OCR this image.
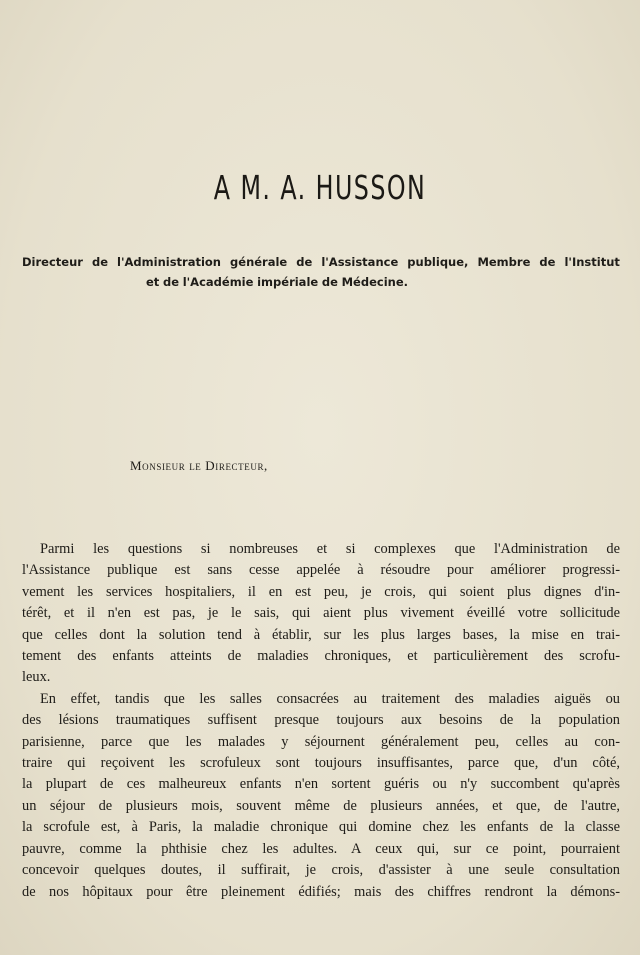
A M. A. HUSSON
Directeur de l'Administration générale de l'Assistance publique, Membre de l'Institut
et de l'Académie impériale de Médecine.
Monsieur le Directeur,
Parmi les questions si nombreuses et si complexes que l'Administration de
l'Assistance publique est sans cesse appelée à résoudre pour améliorer progressi-
vement les services hospitaliers, il en est peu, je crois, qui soient plus dignes d'in-
térêt, et il n'en est pas, je le sais, qui aient plus vivement éveillé votre sollicitude
que celles dont la solution tend à établir, sur les plus larges bases, la mise en trai-
tement des enfants atteints de maladies chroniques, et particulièrement des scrofu-
leux.
En effet, tandis que les salles consacrées au traitement des maladies aiguës ou
des lésions traumatiques suffisent presque toujours aux besoins de la population
parisienne, parce que les malades y séjournent généralement peu, celles au con-
traire qui reçoivent les scrofuleux sont toujours insuffisantes, parce que, d'un côté,
la plupart de ces malheureux enfants n'en sortent guéris ou n'y succombent qu'après
un séjour de plusieurs mois, souvent même de plusieurs années, et que, de l'autre,
la scrofule est, à Paris, la maladie chronique qui domine chez les enfants de la classe
pauvre, comme la phthisie chez les adultes. A ceux qui, sur ce point, pourraient
concevoir quelques doutes, il suffirait, je crois, d'assister à une seule consultation
de nos hôpitaux pour être pleinement édifiés; mais des chiffres rendront la démons-
